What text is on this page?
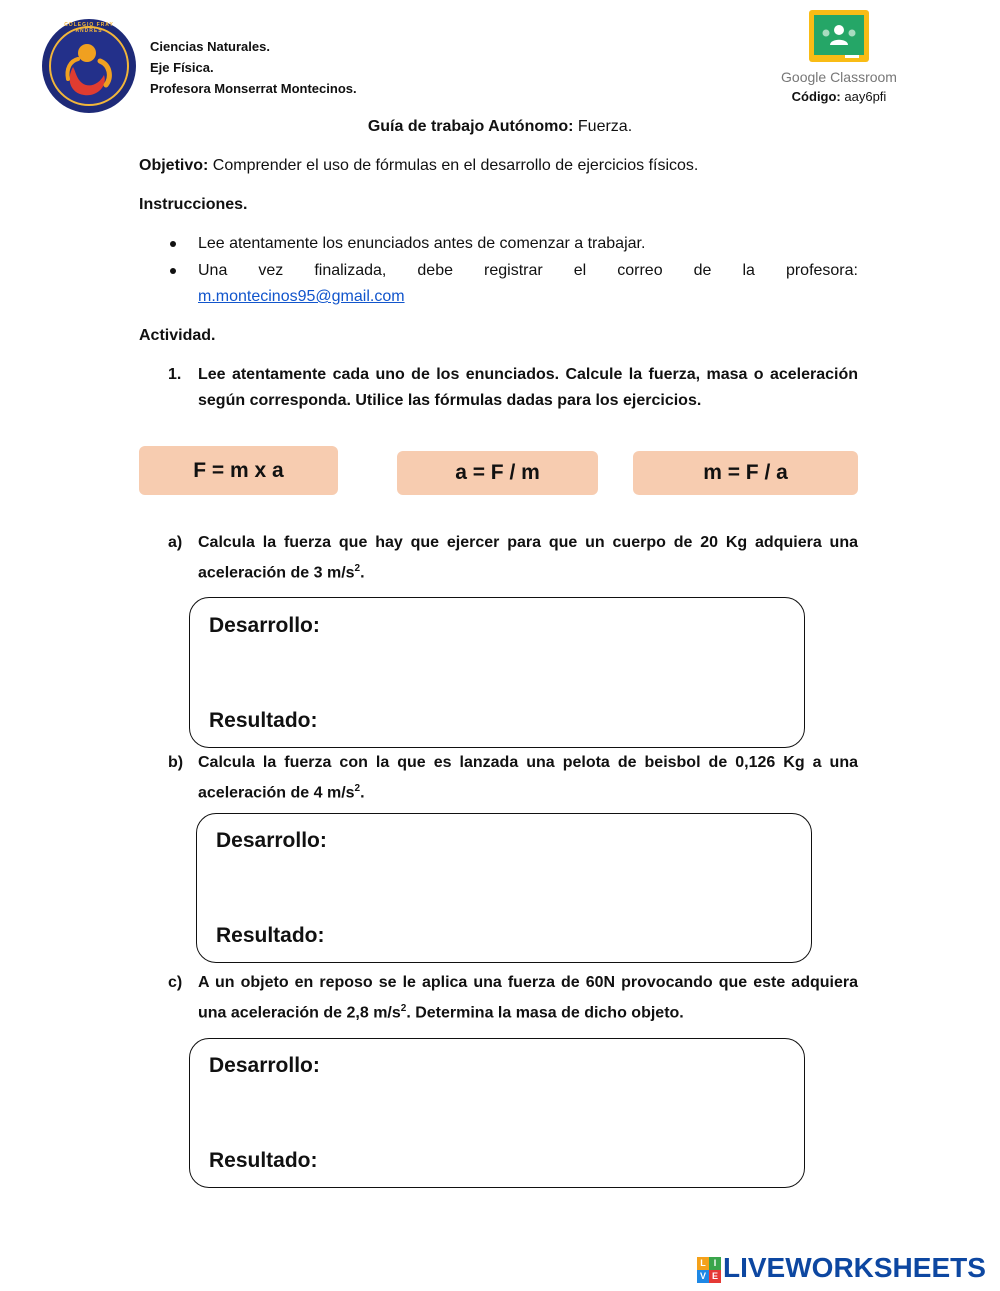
COLEGIO FRAY ANDRES
Ciencias Naturales.
Eje Física.
Profesora Monserrat Montecinos.
Google Classroom
Código: aay6pfi
Guía de trabajo Autónomo: Fuerza.
Objetivo: Comprender el uso de fórmulas en el desarrollo de ejercicios físicos.
Instrucciones.
Lee atentamente los enunciados antes de comenzar a trabajar.
Una vez finalizada, debe registrar el correo de la profesora:
m.montecinos95@gmail.com
Actividad.
1. Lee atentamente cada uno de los enunciados. Calcule la fuerza, masa o aceleración
según corresponda. Utilice las fórmulas dadas para los ejercicios.
F = m x a	a = F / m	m = F / a
a) Calcula la fuerza que hay que ejercer para que un cuerpo de 20 Kg adquiera una
aceleración de 3 $m/s^2$.
Desarrollo:
Resultado:
b) Calcula la fuerza con la que es lanzada una pelota de beisbol de 0,126 Kg a una
aceleración de 4 $m/s^2$.
Desarrollo:
Resultado:
c) A un objeto en reposo se le aplica una fuerza de 60N provocando que este adquiera
una aceleración de 2,8 $m/s^2$. Determina la masa de dicho objeto.
Desarrollo:
Resultado:
L I
V E LIVEWORKSHEETS
